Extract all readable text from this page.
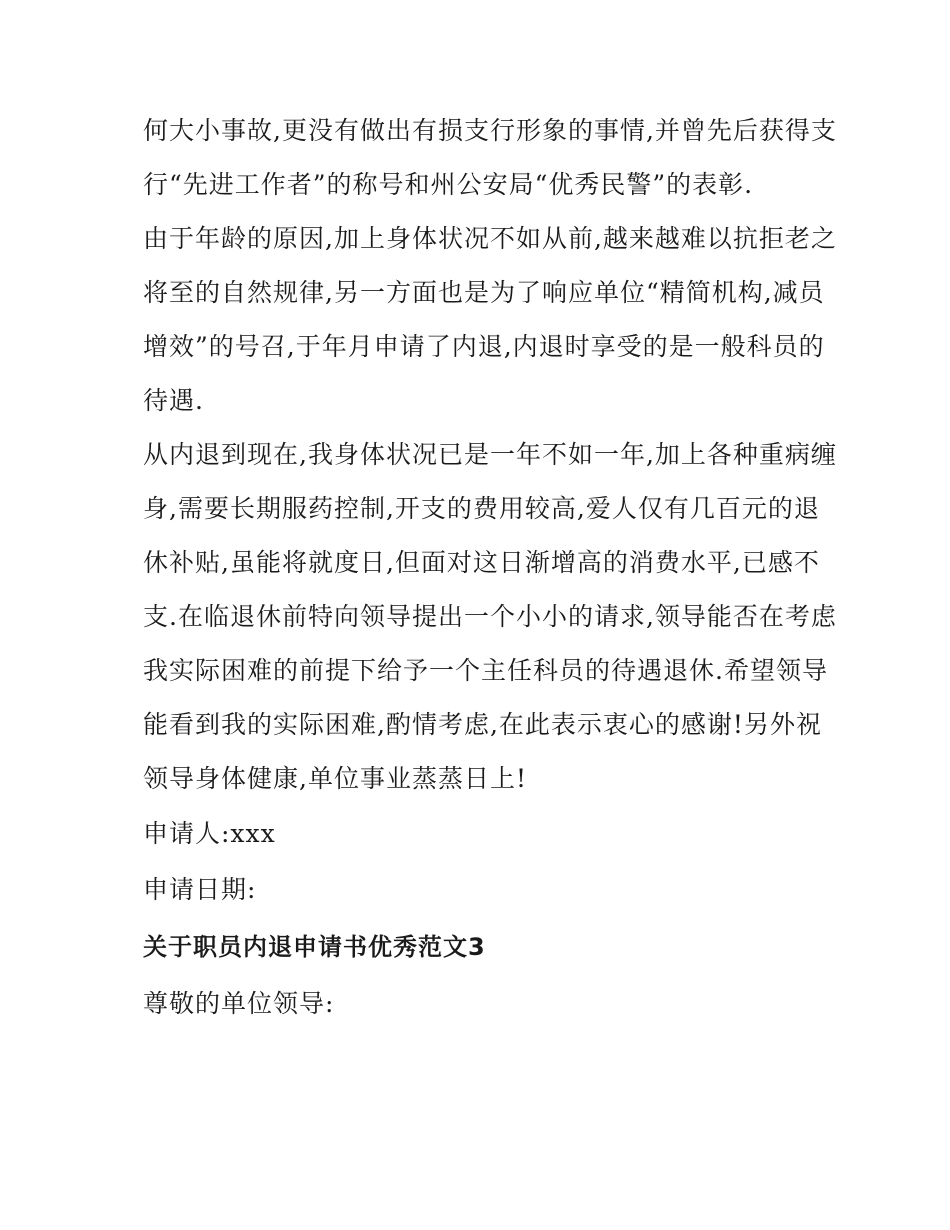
何大小事故,更没有做出有损支行形象的事情,并曾先后获得支
行“先进工作者”的称号和州公安局“优秀民警”的表彰.
由于年龄的原因,加上身体状况不如从前,越来越难以抗拒老之
将至的自然规律,另一方面也是为了响应单位“精简机构,减员
增效”的号召,于年月申请了内退,内退时享受的是一般科员的
待遇.
从内退到现在,我身体状况已是一年不如一年,加上各种重病缠
身,需要长期服药控制,开支的费用较高,爱人仅有几百元的退
休补贴,虽能将就度日,但面对这日渐增高的消费水平,已感不
支.在临退休前特向领导提出一个小小的请求,领导能否在考虑
我实际困难的前提下给予一个主任科员的待遇退休.希望领导
能看到我的实际困难,酌情考虑,在此表示衷心的感谢!另外祝
领导身体健康,单位事业蒸蒸日上!

申请人:xxx

申请日期:

关于职员内退申请书优秀范文3

尊敬的单位领导:
